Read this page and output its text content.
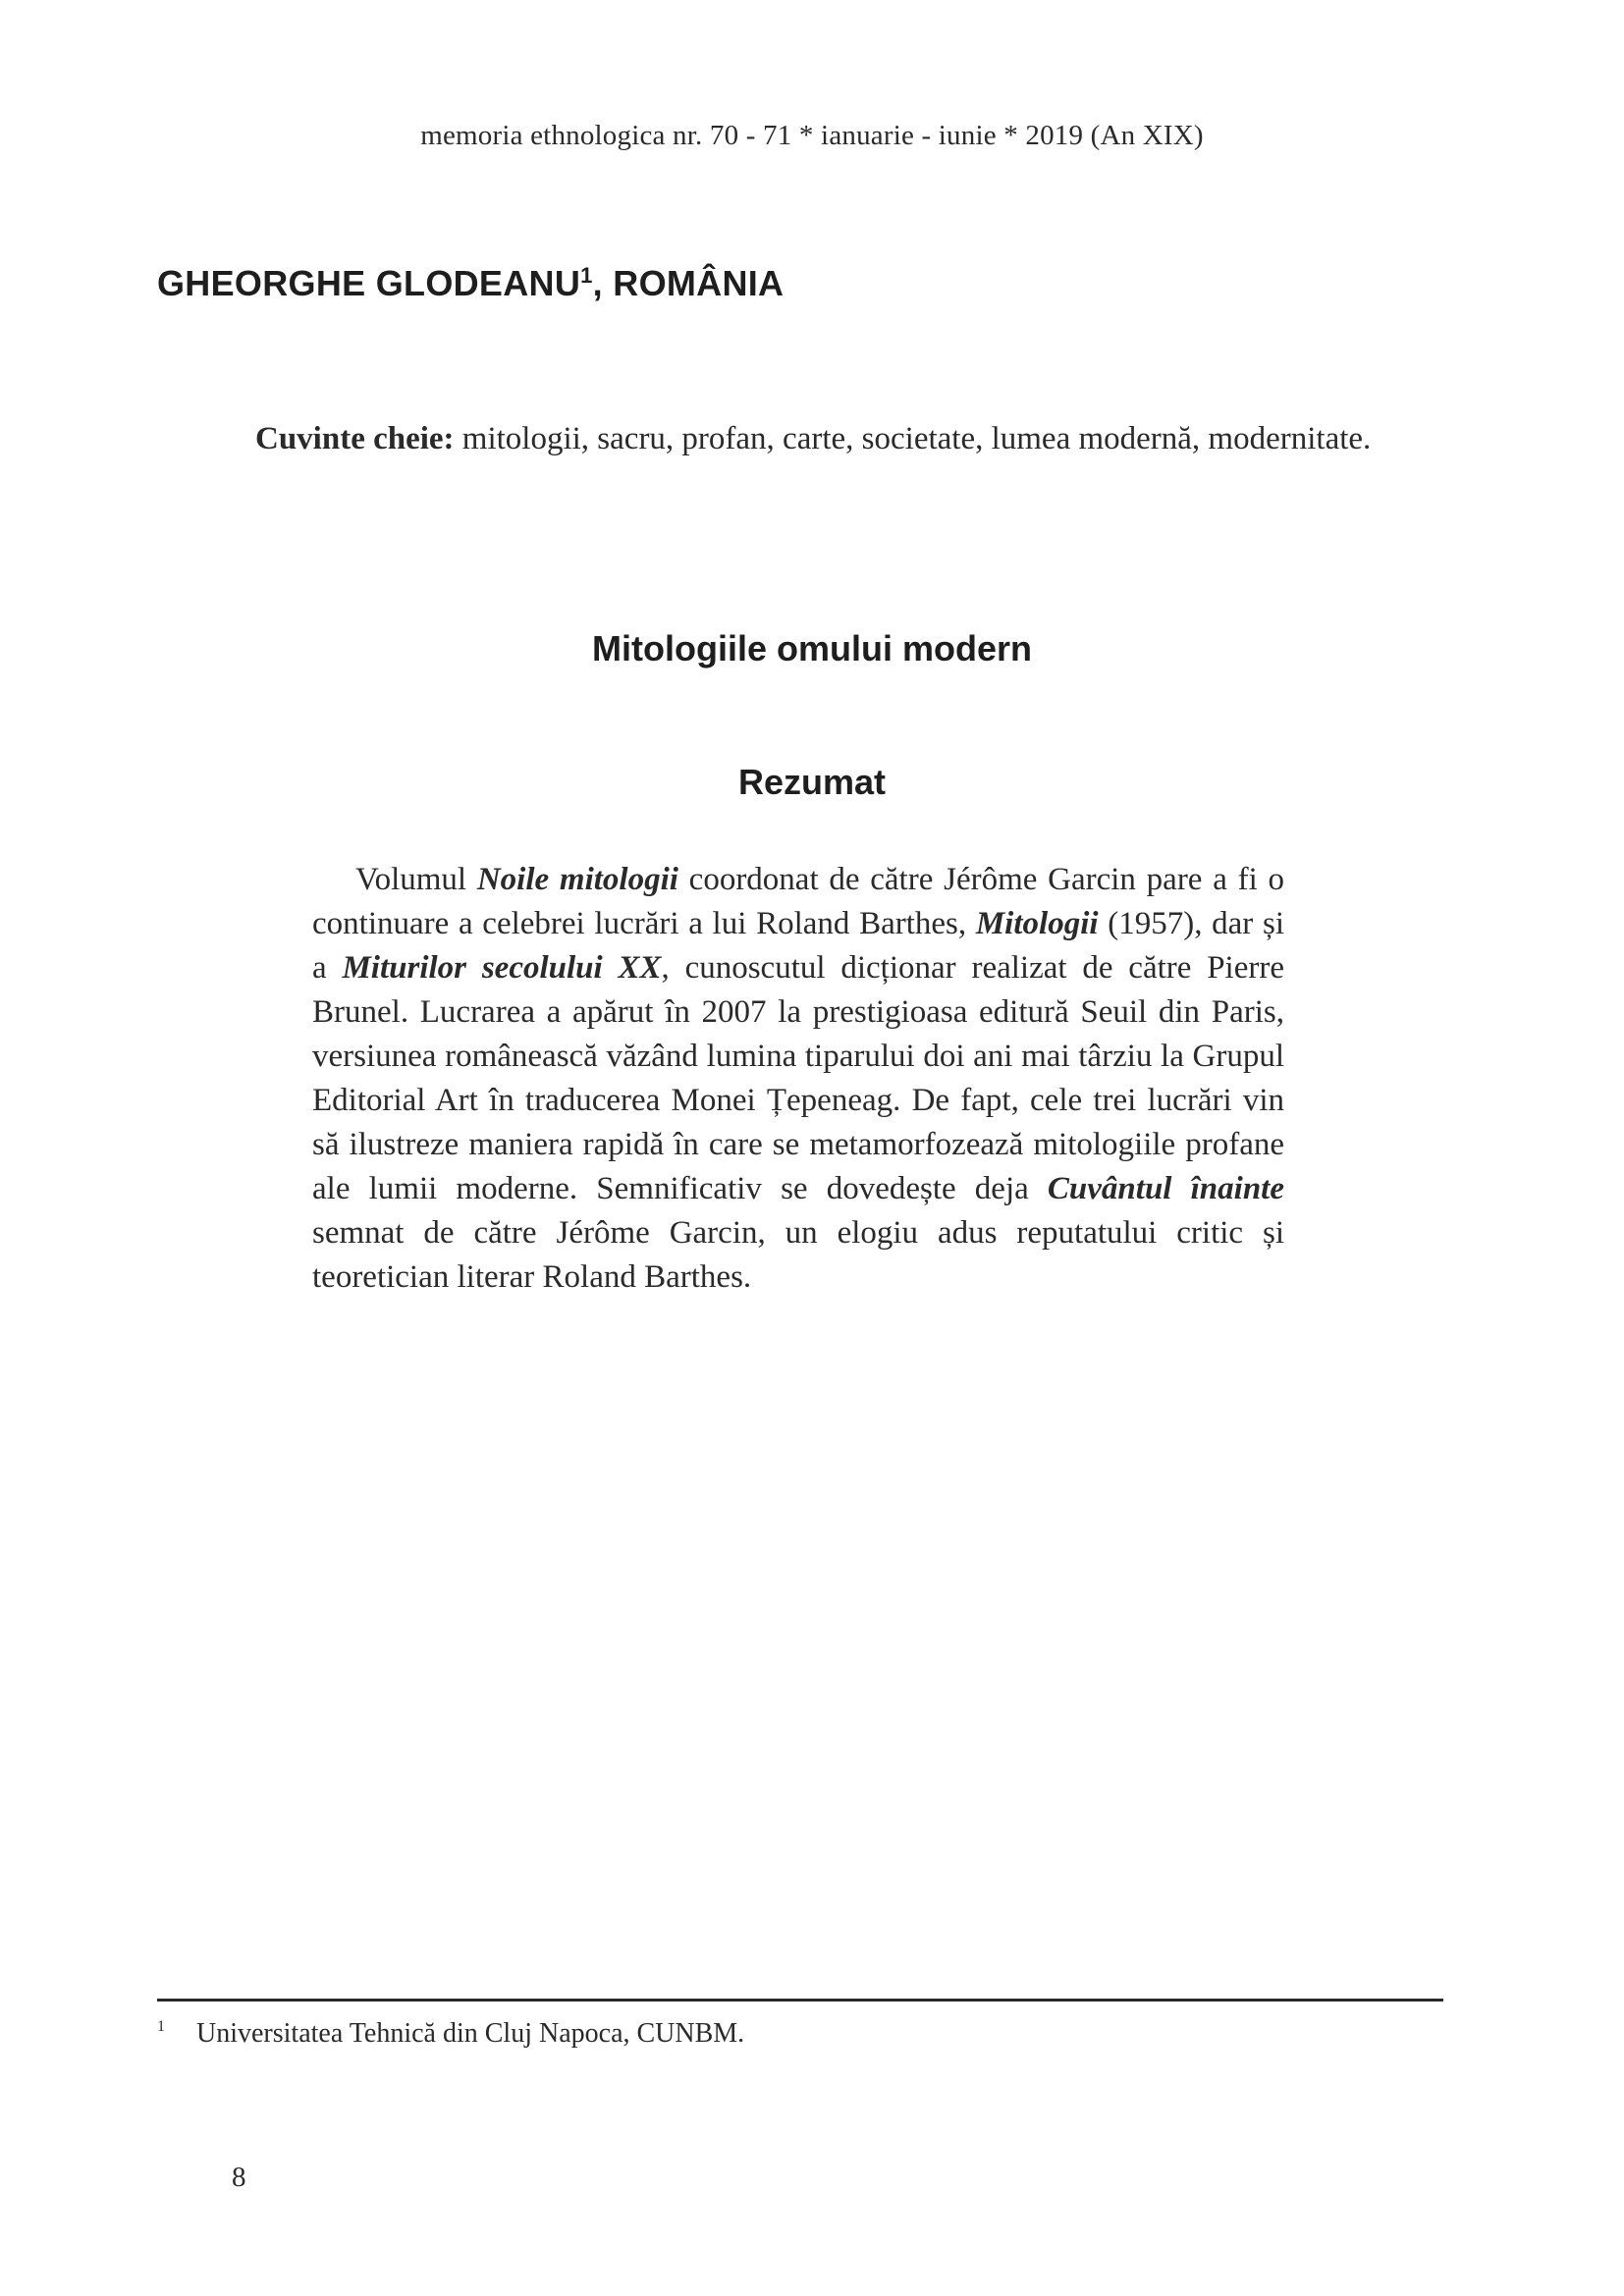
memoria ethnologica nr. 70 - 71 * ianuarie - iunie * 2019 (An XIX)
GHEORGHE GLODEANU$^1$, ROMÂNIA
Cuvinte cheie: mitologii, sacru, profan, carte, societate, lumea modernă, modernitate.
Mitologiile omului modern
Rezumat
Volumul Noile mitologii coordonat de către Jérôme Garcin pare a fi o continuare a celebrei lucrări a lui Roland Barthes, Mitologii (1957), dar și a Miturilor secolului XX, cunoscutul dicționar realizat de către Pierre Brunel. Lucrarea a apărut în 2007 la prestigioasa editură Seuil din Paris, versiunea românească văzând lumina tiparului doi ani mai târziu la Grupul Editorial Art în traducerea Monei Țepeneag. De fapt, cele trei lucrări vin să ilustreze maniera rapidă în care se metamorfozează mitologiile profane ale lumii moderne. Semnificativ se dovedește deja Cuvântul înainte semnat de către Jérôme Garcin, un elogiu adus reputatului critic și teoretician literar Roland Barthes.
1 Universitatea Tehnică din Cluj Napoca, CUNBM.
8
